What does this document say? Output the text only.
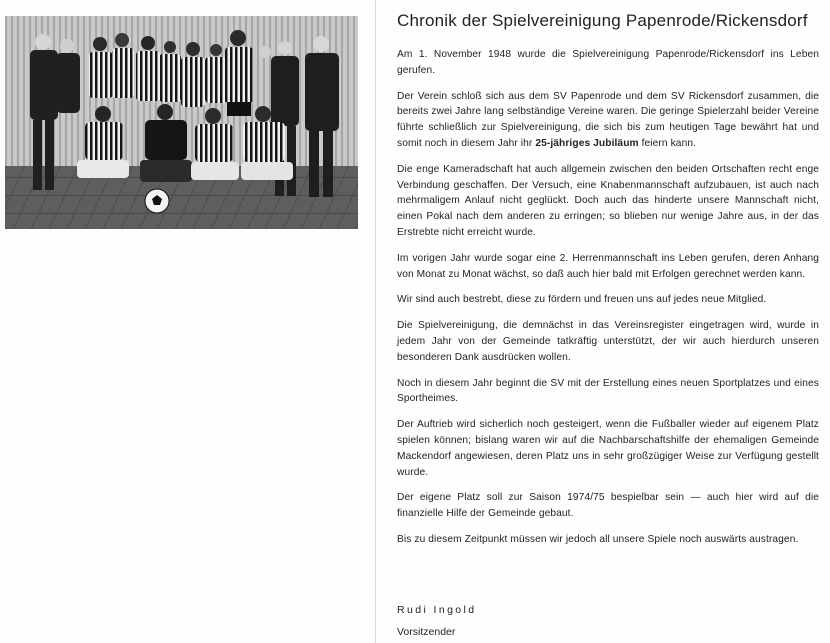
Chronik der Spielvereinigung Papenrode/Rickensdorf

Am 1. November 1948 wurde die Spielvereinigung Papenrode/Rickensdorf ins Leben gerufen.

Der Verein schloß sich aus dem SV Papenrode und dem SV Rickensdorf zusammen, die bereits zwei Jahre lang selbständige Vereine waren. Die geringe Spielerzahl beider Vereine führte schließlich zur Spielvereinigung, die sich bis zum heutigen Tage bewährt hat und somit noch in diesem Jahr ihr 25-jähriges Jubiläum feiern kann.

Die enge Kameradschaft hat auch allgemein zwischen den beiden Ortschaften recht enge Verbindung geschaffen. Der Versuch, eine Knabenmannschaft aufzubauen, ist auch nach mehrmaligem Anlauf nicht geglückt. Doch auch das hinderte unsere Mannschaft nicht, einen Pokal nach dem anderen zu erringen; so blieben nur wenige Jahre aus, in der das Erstrebte nicht erreicht wurde.

Im vorigen Jahr wurde sogar eine 2. Herrenmannschaft ins Leben gerufen, deren Anhang von Monat zu Monat wächst, so daß auch hier bald mit Erfolgen gerechnet werden kann.

Wir sind auch bestrebt, diese zu fördern und freuen uns auf jedes neue Mitglied.

Die Spielvereinigung, die demnächst in das Vereinsregister eingetragen wird, wurde in jedem Jahr von der Gemeinde tatkräftig unterstützt, der wir auch hierdurch unseren besonderen Dank ausdrücken wollen.

Noch in diesem Jahr beginnt die SV mit der Erstellung eines neuen Sportplatzes und eines Sportheimes.

Der Auftrieb wird sicherlich noch gesteigert, wenn die Fußballer wieder auf eigenem Platz spielen können; bislang waren wir auf die Nachbarschaftshilfe der ehemaligen Gemeinde Mackendorf angewiesen, deren Platz uns in sehr großzügiger Weise zur Verfügung gestellt wurde.

Der eigene Platz soll zur Saison 1974/75 bespielbar sein — auch hier wird auf die finanzielle Hilfe der Gemeinde gebaut.

Bis zu diesem Zeitpunkt müssen wir jedoch all unsere Spiele noch auswärts austragen.

Rudi Ingold
Vorsitzender
